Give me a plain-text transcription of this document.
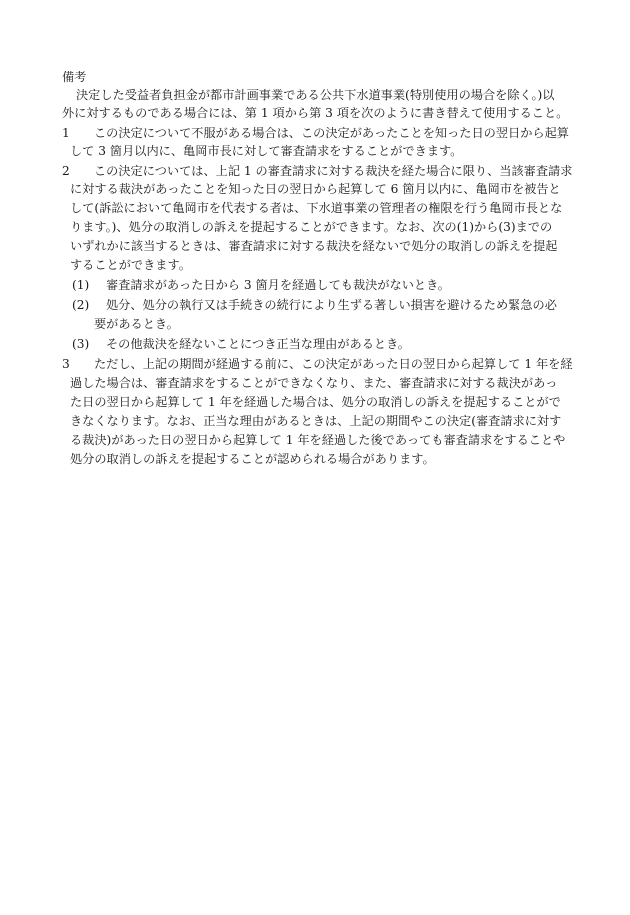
備考
決定した受益者負担金が都市計画事業である公共下水道事業(特別使用の場合を除く。)以
外に対するものである場合には、第 1 項から第 3 項を次のように書き替えて使用すること。
1 この決定について不服がある場合は、この決定があったことを知った日の翌日から起算
して 3 箇月以内に、亀岡市長に対して審査請求をすることができます。
2 この決定については、上記 1 の審査請求に対する裁決を経た場合に限り、当該審査請求
に対する裁決があったことを知った日の翌日から起算して 6 箇月以内に、亀岡市を被告と
して(訴訟において亀岡市を代表する者は、下水道事業の管理者の権限を行う亀岡市長とな
ります。)、処分の取消しの訴えを提起することができます。なお、次の(1)から(3)までの
いずれかに該当するときは、審査請求に対する裁決を経ないで処分の取消しの訴えを提起
することができます。
(1) 審査請求があった日から 3 箇月を経過しても裁決がないとき。
(2) 処分、処分の執行又は手続きの続行により生ずる著しい損害を避けるため緊急の必
要があるとき。
(3) その他裁決を経ないことにつき正当な理由があるとき。
3 ただし、上記の期間が経過する前に、この決定があった日の翌日から起算して 1 年を経
過した場合は、審査請求をすることができなくなり、また、審査請求に対する裁決があっ
た日の翌日から起算して 1 年を経過した場合は、処分の取消しの訴えを提起することがで
きなくなります。なお、正当な理由があるときは、上記の期間やこの決定(審査請求に対す
る裁決)があった日の翌日から起算して 1 年を経過した後であっても審査請求をすることや
処分の取消しの訴えを提起することが認められる場合があります。
